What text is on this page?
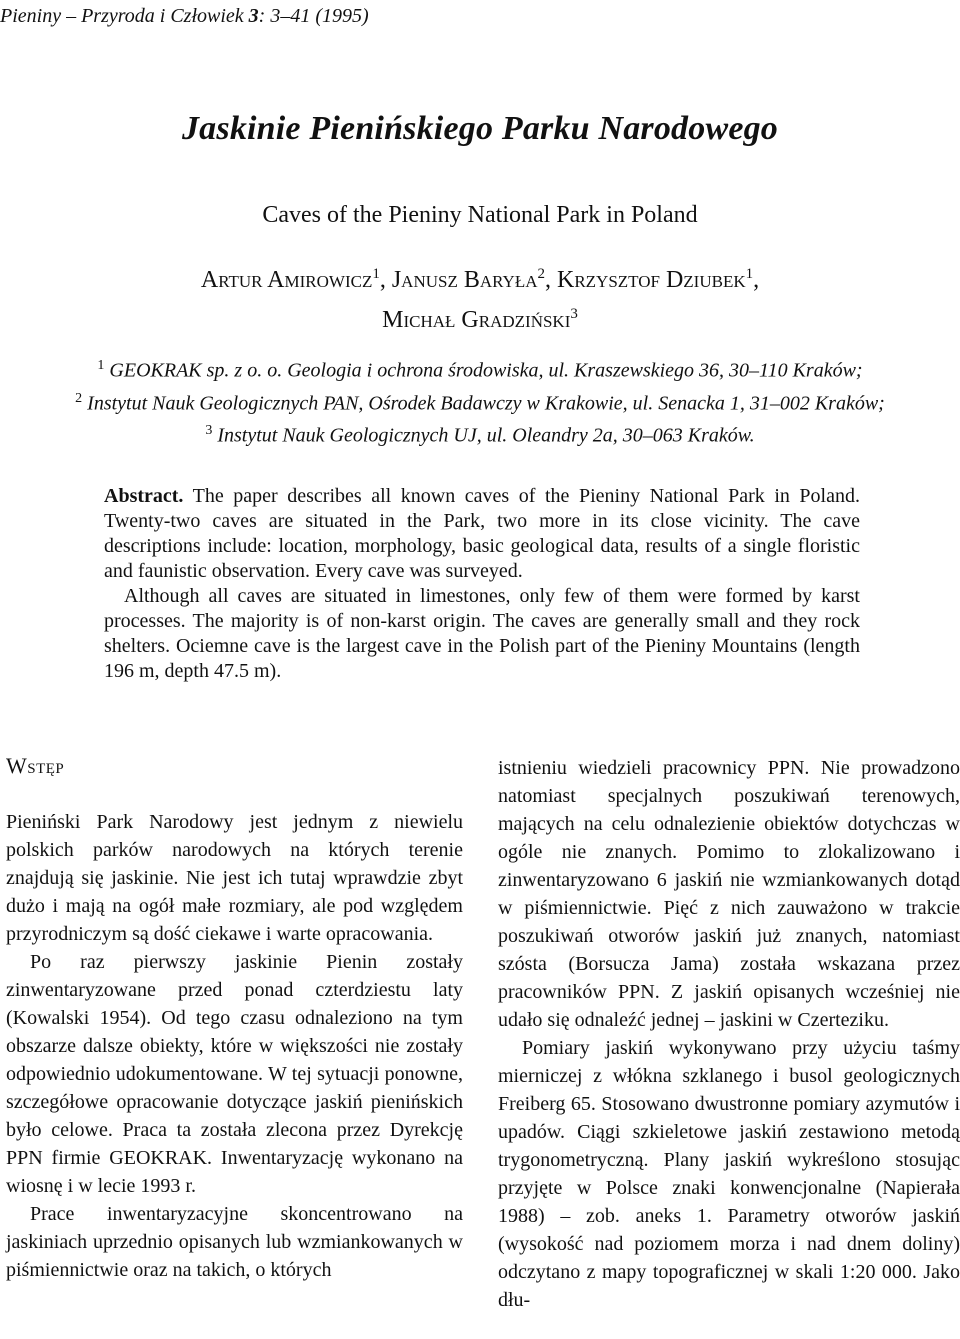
Pieniny – Przyroda i Człowiek 3: 3–41 (1995)
Jaskinie Pienińskiego Parku Narodowego
Caves of the Pieniny National Park in Poland
Artur Amirowicz$^1$, Janusz Baryła$^2$, Krzysztof Dziubek$^1$,
Michał Gradziński$^3$
$^1$ GEOKRAK sp. z o. o. Geologia i ochrona środowiska, ul. Kraszewskiego 36, 30–110 Kraków;
$^2$ Instytut Nauk Geologicznych PAN, Ośrodek Badawczy w Krakowie, ul. Senacka 1, 31–002 Kraków;
$^3$ Instytut Nauk Geologicznych UJ, ul. Oleandry 2a, 30–063 Kraków.

Abstract. The paper describes all known caves of the Pieniny National Park in Poland. Twenty-two caves are situated in the Park, two more in its close vicinity. The cave descriptions include: location, morphology, basic geological data, results of a single floristic and faunistic observation. Every cave was surveyed.

Although all caves are situated in limestones, only few of them were formed by karst processes. The majority is of non-karst origin. The caves are generally small and they rock shelters. Ociemne cave is the largest cave in the Polish part of the Pieniny Mountains (length 196 m, depth 47.5 m).

Wstęp

Pieniński Park Narodowy jest jednym z niewielu polskich parków narodowych na których terenie znajdują się jaskinie. Nie jest ich tutaj wprawdzie zbyt dużo i mają na ogół małe rozmiary, ale pod względem przyrodniczym są dość ciekawe i warte opracowania.

Po raz pierwszy jaskinie Pienin zostały zinwentaryzowane przed ponad czterdziestu laty (Kowalski 1954). Od tego czasu odnaleziono na tym obszarze dalsze obiekty, które w większości nie zostały odpowiednio udokumentowane. W tej sytuacji ponowne, szczegółowe opracowanie dotyczące jaskiń pienińskich było celowe. Praca ta została zlecona przez Dyrekcję PPN firmie GEOKRAK. Inwentaryzację wykonano na wiosnę i w lecie 1993 r.

Prace inwentaryzacyjne skoncentrowano na jaskiniach uprzednio opisanych lub wzmiankowanych w piśmiennictwie oraz na takich, o których

istnieniu wiedzieli pracownicy PPN. Nie prowadzono natomiast specjalnych poszukiwań terenowych, mających na celu odnalezienie obiektów dotychczas w ogóle nie znanych. Pomimo to zlokalizowano i zinwentaryzowano 6 jaskiń nie wzmiankowanych dotąd w piśmiennictwie. Pięć z nich zauważono w trakcie poszukiwań otworów jaskiń już znanych, natomiast szósta (Borsucza Jama) została wskazana przez pracowników PPN. Z jaskiń opisanych wcześniej nie udało się odnaleźć jednej – jaskini w Czerteziku.

Pomiary jaskiń wykonywano przy użyciu taśmy mierniczej z włókna szklanego i busol geologicznych Freiberg 65. Stosowano dwustronne pomiary azymutów i upadów. Ciągi szkieletowe jaskiń zestawiono metodą trygonometryczną. Plany jaskiń wykreślono stosując przyjęte w Polsce znaki konwencjonalne (Napierała 1988) – zob. aneks 1. Parametry otworów jaskiń (wysokość nad poziomem morza i nad dnem doliny) odczytano z mapy topograficznej w skali 1:20 000. Jako dłu-
